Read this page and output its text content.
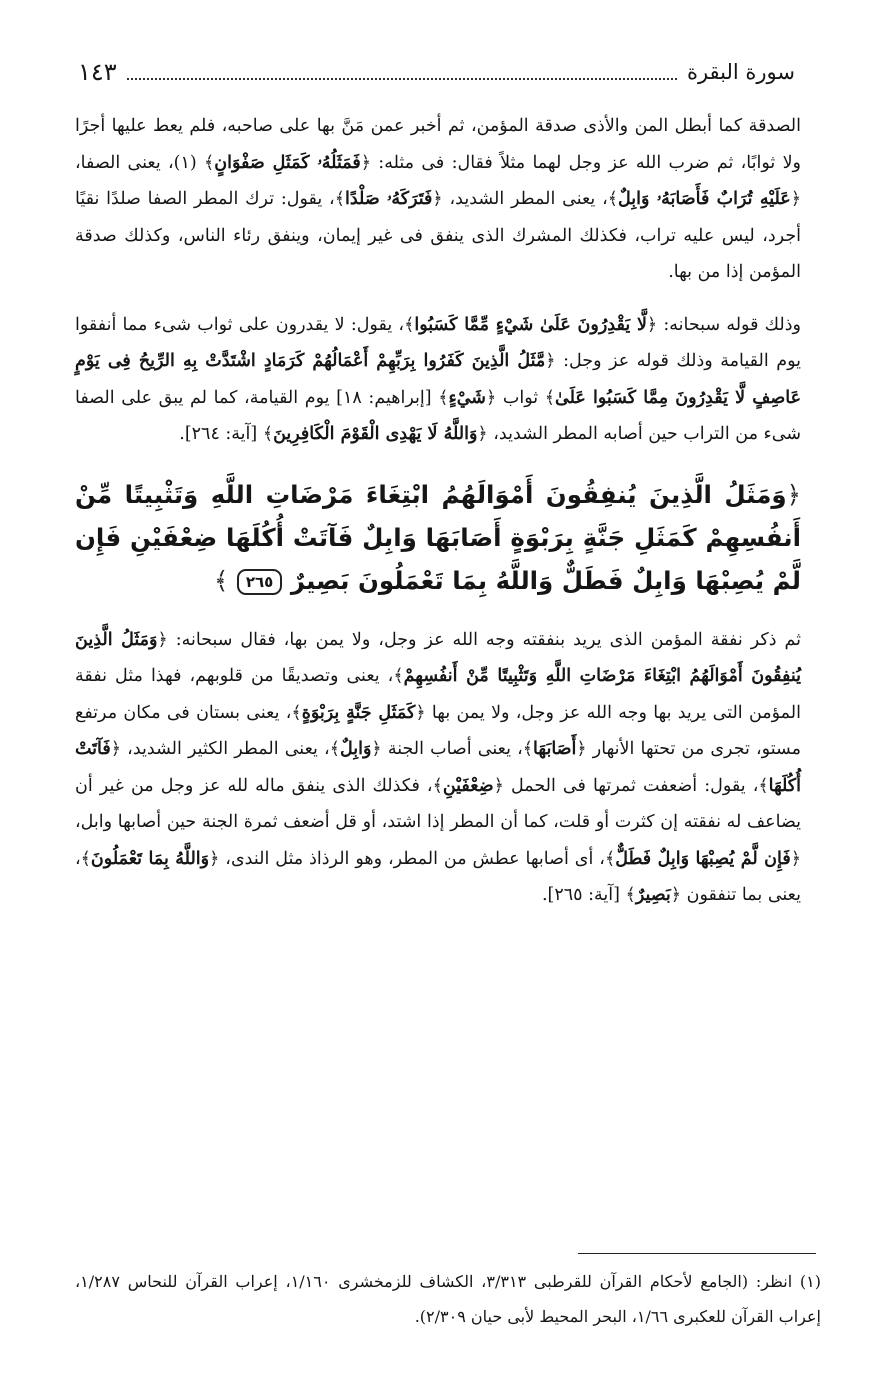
سورة البقرة
١٤٣

الصدقة كما أبطل المن والأذى صدقة المؤمن، ثم أخبر عمن مَنَّ بها على صاحبه، فلم يعط عليها أجرًا ولا ثوابًا، ثم ضرب الله عز وجل لهما مثلاً فقال: فى مثله: ﴿فَمَثَلُهُۥ كَمَثَلِ صَفْوَانٍ﴾ (١)، يعنى الصفا، ﴿عَلَيْهِ تُرَابٌ فَأَصَابَهُۥ وَابِلٌ﴾، يعنى المطر الشديد، ﴿فَتَرَكَهُۥ صَلْدًا﴾، يقول: ترك المطر الصفا صلدًا نقيًا أجرد، ليس عليه تراب، فكذلك المشرك الذى ينفق فى غير إيمان، وينفق رئاء الناس، وكذلك صدقة المؤمن إذا من بها.

وذلك قوله سبحانه: ﴿لَّا يَقْدِرُونَ عَلَىٰ شَيْءٍ مِّمَّا كَسَبُوا﴾، يقول: لا يقدرون على ثواب شىء مما أنفقوا يوم القيامة وذلك قوله عز وجل: ﴿مَّثَلُ الَّذِينَ كَفَرُوا بِرَبِّهِمْ أَعْمَالُهُمْ كَرَمَادٍ اشْتَدَّتْ بِهِ الرِّيحُ فِى يَوْمٍ عَاصِفٍ لَّا يَقْدِرُونَ مِمَّا كَسَبُوا عَلَىٰ﴾ ثواب ﴿شَيْءٍ﴾ [إبراهيم: ١٨] يوم القيامة، كما لم يبق على الصفا شىء من التراب حين أصابه المطر الشديد، ﴿وَاللَّهُ لَا يَهْدِى الْقَوْمَ الْكَافِرِينَ﴾ [آية: ٢٦٤].

﴿وَمَثَلُ الَّذِينَ يُنفِقُونَ أَمْوَالَهُمُ ابْتِغَاءَ مَرْضَاتِ اللَّهِ وَتَثْبِيتًا مِّنْ أَنفُسِهِمْ كَمَثَلِ جَنَّةٍ بِرَبْوَةٍ أَصَابَهَا وَابِلٌ فَآتَتْ أُكُلَهَا ضِعْفَيْنِ فَإِن لَّمْ يُصِبْهَا وَابِلٌ فَطَلٌّ وَاللَّهُ بِمَا تَعْمَلُونَ بَصِيرٌ ٢٦٥ ﴾

ثم ذكر نفقة المؤمن الذى يريد بنفقته وجه الله عز وجل، ولا يمن بها، فقال سبحانه: ﴿وَمَثَلُ الَّذِينَ يُنفِقُونَ أَمْوَالَهُمُ ابْتِغَاءَ مَرْضَاتِ اللَّهِ وَتَثْبِيتًا مِّنْ أَنفُسِهِمْ﴾، يعنى وتصديقًا من قلوبهم، فهذا مثل نفقة المؤمن التى يريد بها وجه الله عز وجل، ولا يمن بها ﴿كَمَثَلِ جَنَّةٍ بِرَبْوَةٍ﴾، يعنى بستان فى مكان مرتفع مستو، تجرى من تحتها الأنهار ﴿أَصَابَهَا﴾، يعنى أصاب الجنة ﴿وَابِلٌ﴾، يعنى المطر الكثير الشديد، ﴿فَآتَتْ أُكُلَهَا﴾، يقول: أضعفت ثمرتها فى الحمل ﴿ضِعْفَيْنِ﴾، فكذلك الذى ينفق ماله لله عز وجل من غير أن يضاعف له نفقته إن كثرت أو قلت، كما أن المطر إذا اشتد، أو قل أضعف ثمرة الجنة حين أصابها وابل، ﴿فَإِن لَّمْ يُصِبْهَا وَابِلٌ فَطَلٌّ﴾، أى أصابها عطش من المطر، وهو الرذاذ مثل الندى، ﴿وَاللَّهُ بِمَا تَعْمَلُونَ﴾، يعنى بما تنفقون ﴿بَصِيرٌ﴾ [آية: ٢٦٥].

(١) انظر: (الجامع لأحكام القرآن للقرطبى ٣/٣١٣، الكشاف للزمخشرى ١/١٦٠، إعراب القرآن للنحاس ١/٢٨٧، إعراب القرآن للعكبرى ١/٦٦، البحر المحيط لأبى حيان ٢/٣٠٩).
